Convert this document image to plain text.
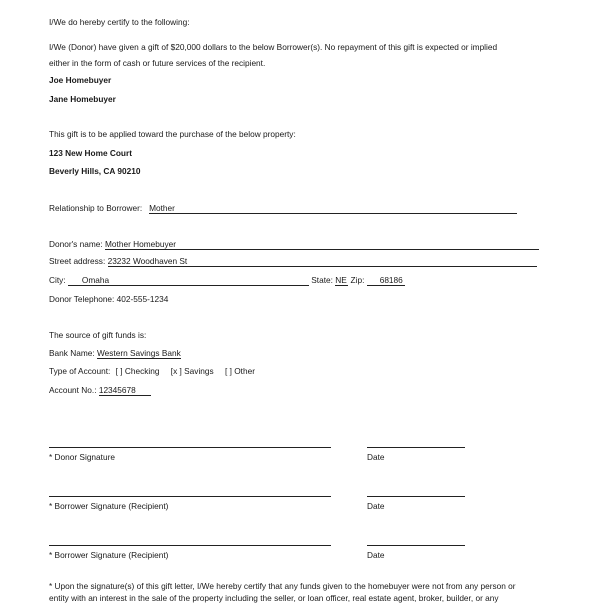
I/We do hereby certify to the following:
I/We (Donor) have given a gift of $20,000 dollars to the below Borrower(s). No repayment of this gift is expected or implied
either in the form of cash or future services of the recipient.
Joe Homebuyer
Jane Homebuyer
This gift is to be applied toward the purchase of the below property:
123 New Home Court
Beverly Hills, CA 90210
Relationship to Borrower: Mother
Donor's name: Mother Homebuyer
Street address: 23232 Woodhaven St
City: Omaha	State: NE Zip: 68186
Donor Telephone: 402-555-1234
The source of gift funds is:
Bank Name: Western Savings Bank
Type of Account: [ ] Checking [x ] Savings [ ] Other
Account No.: 12345678
* Donor Signature	Date
* Borrower Signature (Recipient)	Date
* Borrower Signature (Recipient)	Date
* Upon the signature(s) of this gift letter, I/We hereby certify that any funds given to the homebuyer were not from any person or
entity with an interest in the sale of the property including the seller, or loan officer, real estate agent, broker, builder, or any
